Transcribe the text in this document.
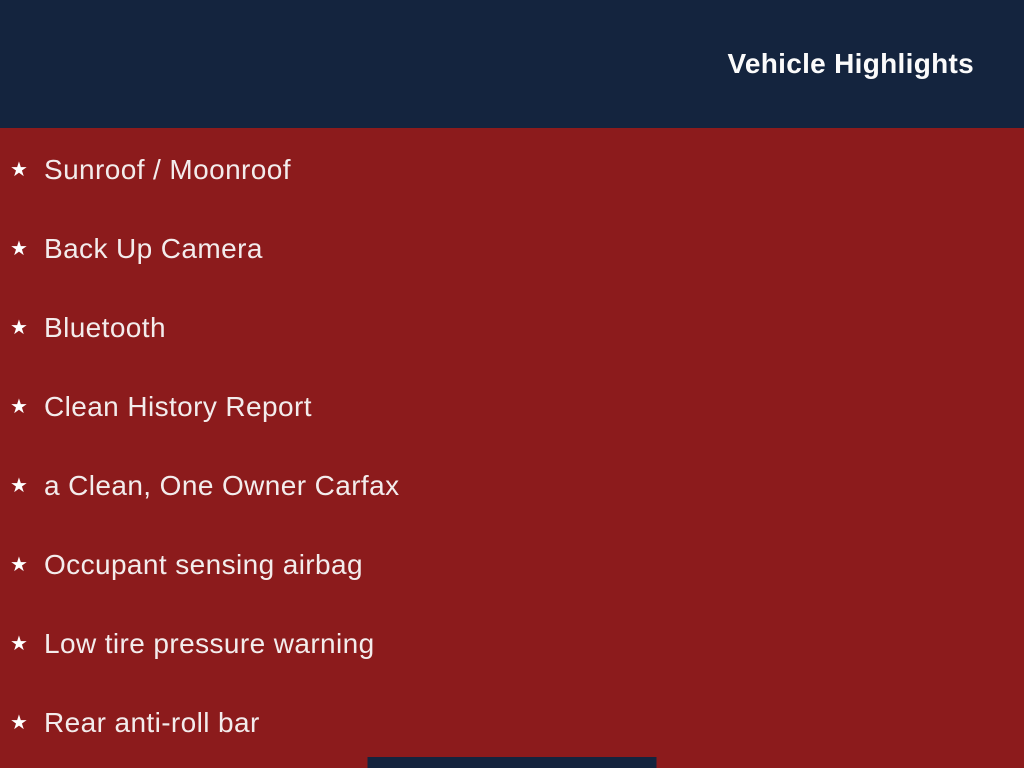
Vehicle Highlights
★ Sunroof / Moonroof
★ Back Up Camera
★ Bluetooth
★ Clean History Report
★ a Clean, One Owner Carfax
★ Occupant sensing airbag
★ Low tire pressure warning
★ Rear anti-roll bar
